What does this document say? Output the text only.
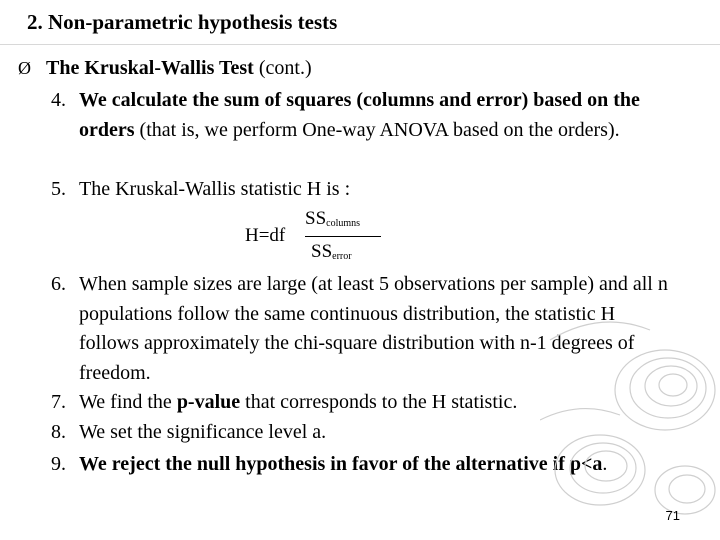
2. Non-parametric hypothesis tests
Ø The Kruskal-Wallis Test (cont.)
4. We calculate the sum of squares (columns and error) based on the orders (that is, we perform One-way ANOVA based on the orders).
5. The Kruskal-Wallis statistic H is :
H=df
$SS_{columns}$
$SS_{error}$
6. When sample sizes are large (at least 5 observations per sample) and all n populations follow the same continuous distribution, the statistic H follows approximately the chi-square distribution with n-1 degrees of freedom.
7. We find the p-value that corresponds to the H statistic.
8. We set the significance level a.
9. We reject the null hypothesis in favor of the alternative if p<a.
71
